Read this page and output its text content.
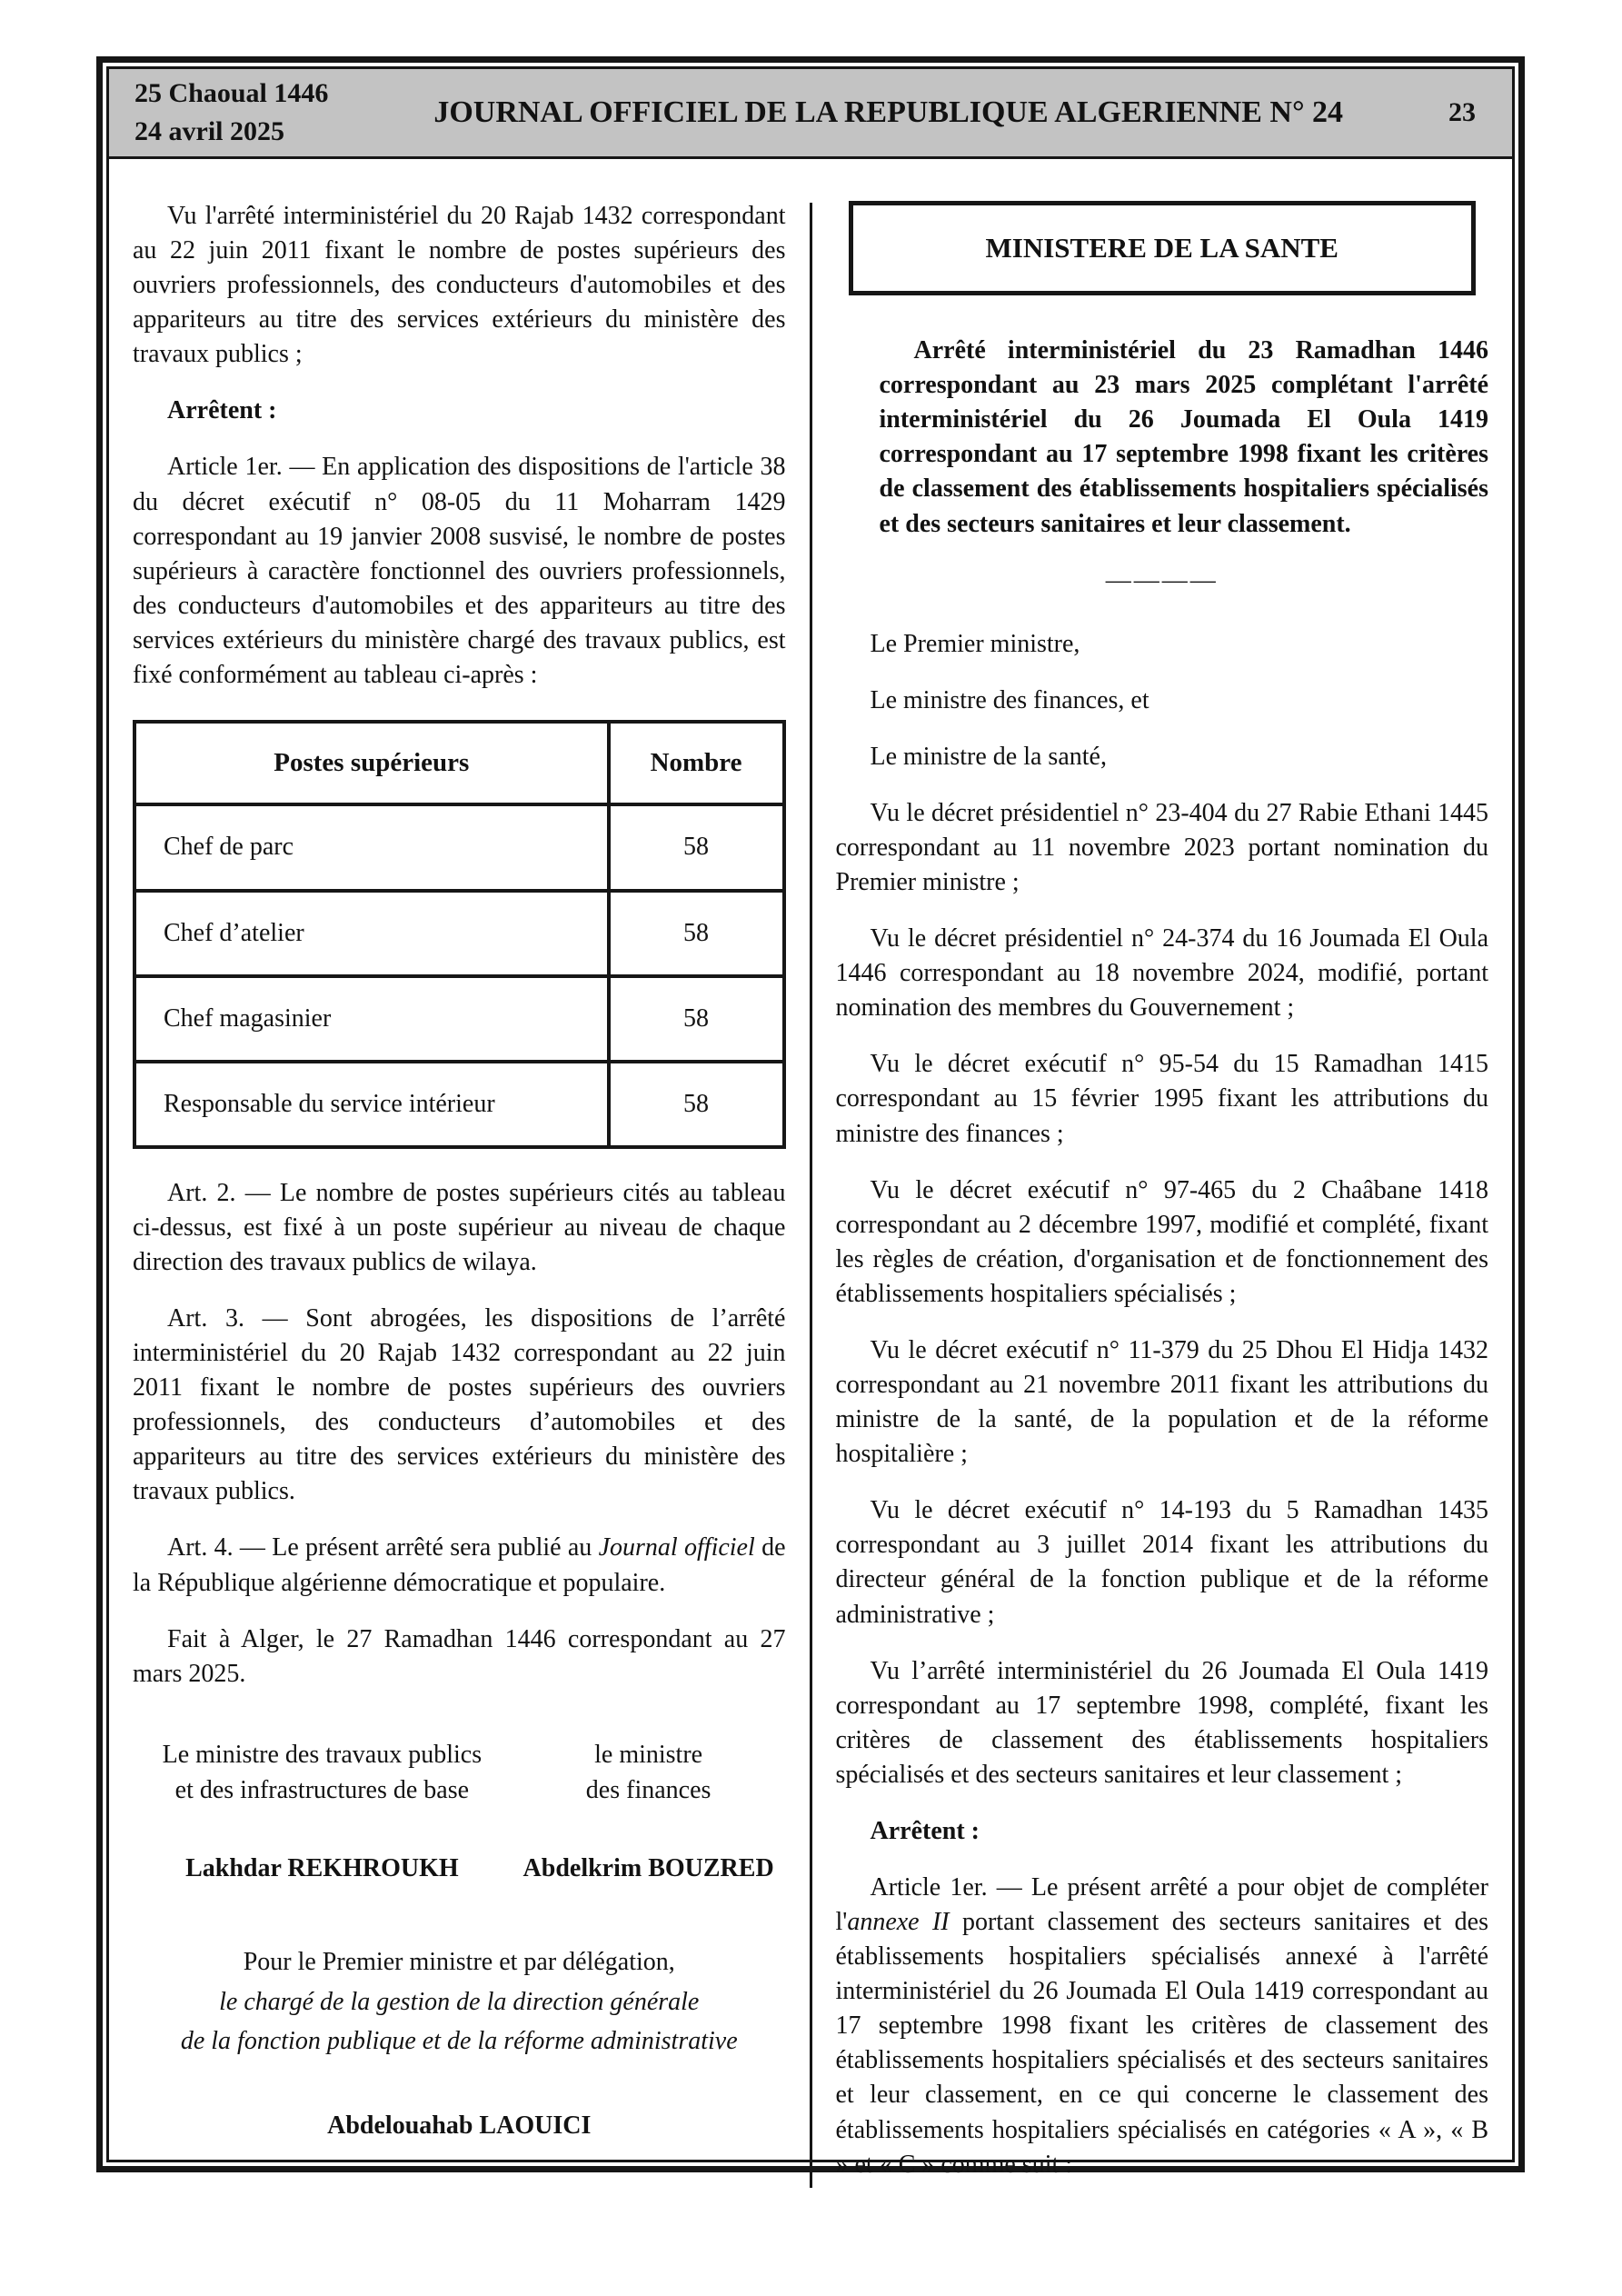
25 Chaoual 1446
24 avril 2025
JOURNAL OFFICIEL DE LA REPUBLIQUE ALGERIENNE N° 24	23

Vu l'arrêté interministériel du 20 Rajab 1432 correspondant au 22 juin 2011 fixant le nombre de postes supérieurs des ouvriers professionnels, des conducteurs d'automobiles et des appariteurs au titre des services extérieurs du ministère des travaux publics ;

Arrêtent :

Article 1er. — En application des dispositions de l'article 38 du décret exécutif n° 08-05 du 11 Moharram 1429 correspondant au 19 janvier 2008 susvisé, le nombre de postes supérieurs à caractère fonctionnel des ouvriers professionnels, des conducteurs d'automobiles et des appariteurs au titre des services extérieurs du ministère chargé des travaux publics, est fixé conformément au tableau ci-après :

Postes supérieurs	Nombre
Chef de parc	58
Chef d’atelier	58
Chef magasinier	58
Responsable du service intérieur	58

Art. 2. — Le nombre de postes supérieurs cités au tableau ci-dessus, est fixé à un poste supérieur au niveau de chaque direction des travaux publics de wilaya.

Art. 3. — Sont abrogées, les dispositions de l’arrêté interministériel du 20 Rajab 1432 correspondant au 22 juin 2011 fixant le nombre de postes supérieurs des ouvriers professionnels, des conducteurs d’automobiles et des appariteurs au titre des services extérieurs du ministère des travaux publics.

Art. 4. — Le présent arrêté sera publié au Journal officiel de la République algérienne démocratique et populaire.

Fait à Alger, le 27 Ramadhan 1446 correspondant au 27 mars 2025.

Le ministre des travaux publics
et des infrastructures de base
Lakhdar REKHROUKH
le ministre
des finances
Abdelkrim BOUZRED
Pour le Premier ministre et par délégation,
le chargé de la gestion de la direction générale
de la fonction publique et de la réforme administrative
Abdelouahab LAOUICI
MINISTERE DE LA SANTE

Arrêté interministériel du 23 Ramadhan 1446 correspondant au 23 mars 2025 complétant l'arrêté interministériel du 26 Joumada El Oula 1419 correspondant au 17 septembre 1998 fixant les critères de classement des établissements hospitaliers spécialisés et des secteurs sanitaires et leur classement.

————

Le Premier ministre,

Le ministre des finances, et

Le ministre de la santé,

Vu le décret présidentiel n° 23-404 du 27 Rabie Ethani 1445 correspondant au 11 novembre 2023 portant nomination du Premier ministre ;

Vu le décret présidentiel n° 24-374 du 16 Joumada El Oula 1446 correspondant au 18 novembre 2024, modifié, portant nomination des membres du Gouvernement ;

Vu le décret exécutif n° 95-54 du 15 Ramadhan 1415 correspondant au 15 février 1995 fixant les attributions du ministre des finances ;

Vu le décret exécutif n° 97-465 du 2 Chaâbane 1418 correspondant au 2 décembre 1997, modifié et complété, fixant les règles de création, d'organisation et de fonctionnement des établissements hospitaliers spécialisés ;

Vu le décret exécutif n° 11-379 du 25 Dhou El Hidja 1432 correspondant au 21 novembre 2011 fixant les attributions du ministre de la santé, de la population et de la réforme hospitalière ;

Vu le décret exécutif n° 14-193 du 5 Ramadhan 1435 correspondant au 3 juillet 2014 fixant les attributions du directeur général de la fonction publique et de la réforme administrative ;

Vu l’arrêté interministériel du 26 Joumada El Oula 1419 correspondant au 17 septembre 1998, complété, fixant les critères de classement des établissements hospitaliers spécialisés et des secteurs sanitaires et leur classement ;

Arrêtent :

Article 1er. — Le présent arrêté a pour objet de compléter l'annexe II portant classement des secteurs sanitaires et des établissements hospitaliers spécialisés annexé à l'arrêté interministériel du 26 Joumada El Oula 1419 correspondant au 17 septembre 1998 fixant les critères de classement des établissements hospitaliers spécialisés et des secteurs sanitaires et leur classement, en ce qui concerne le classement des établissements hospitaliers spécialisés en catégories « A », « B » et « C » comme suit :
